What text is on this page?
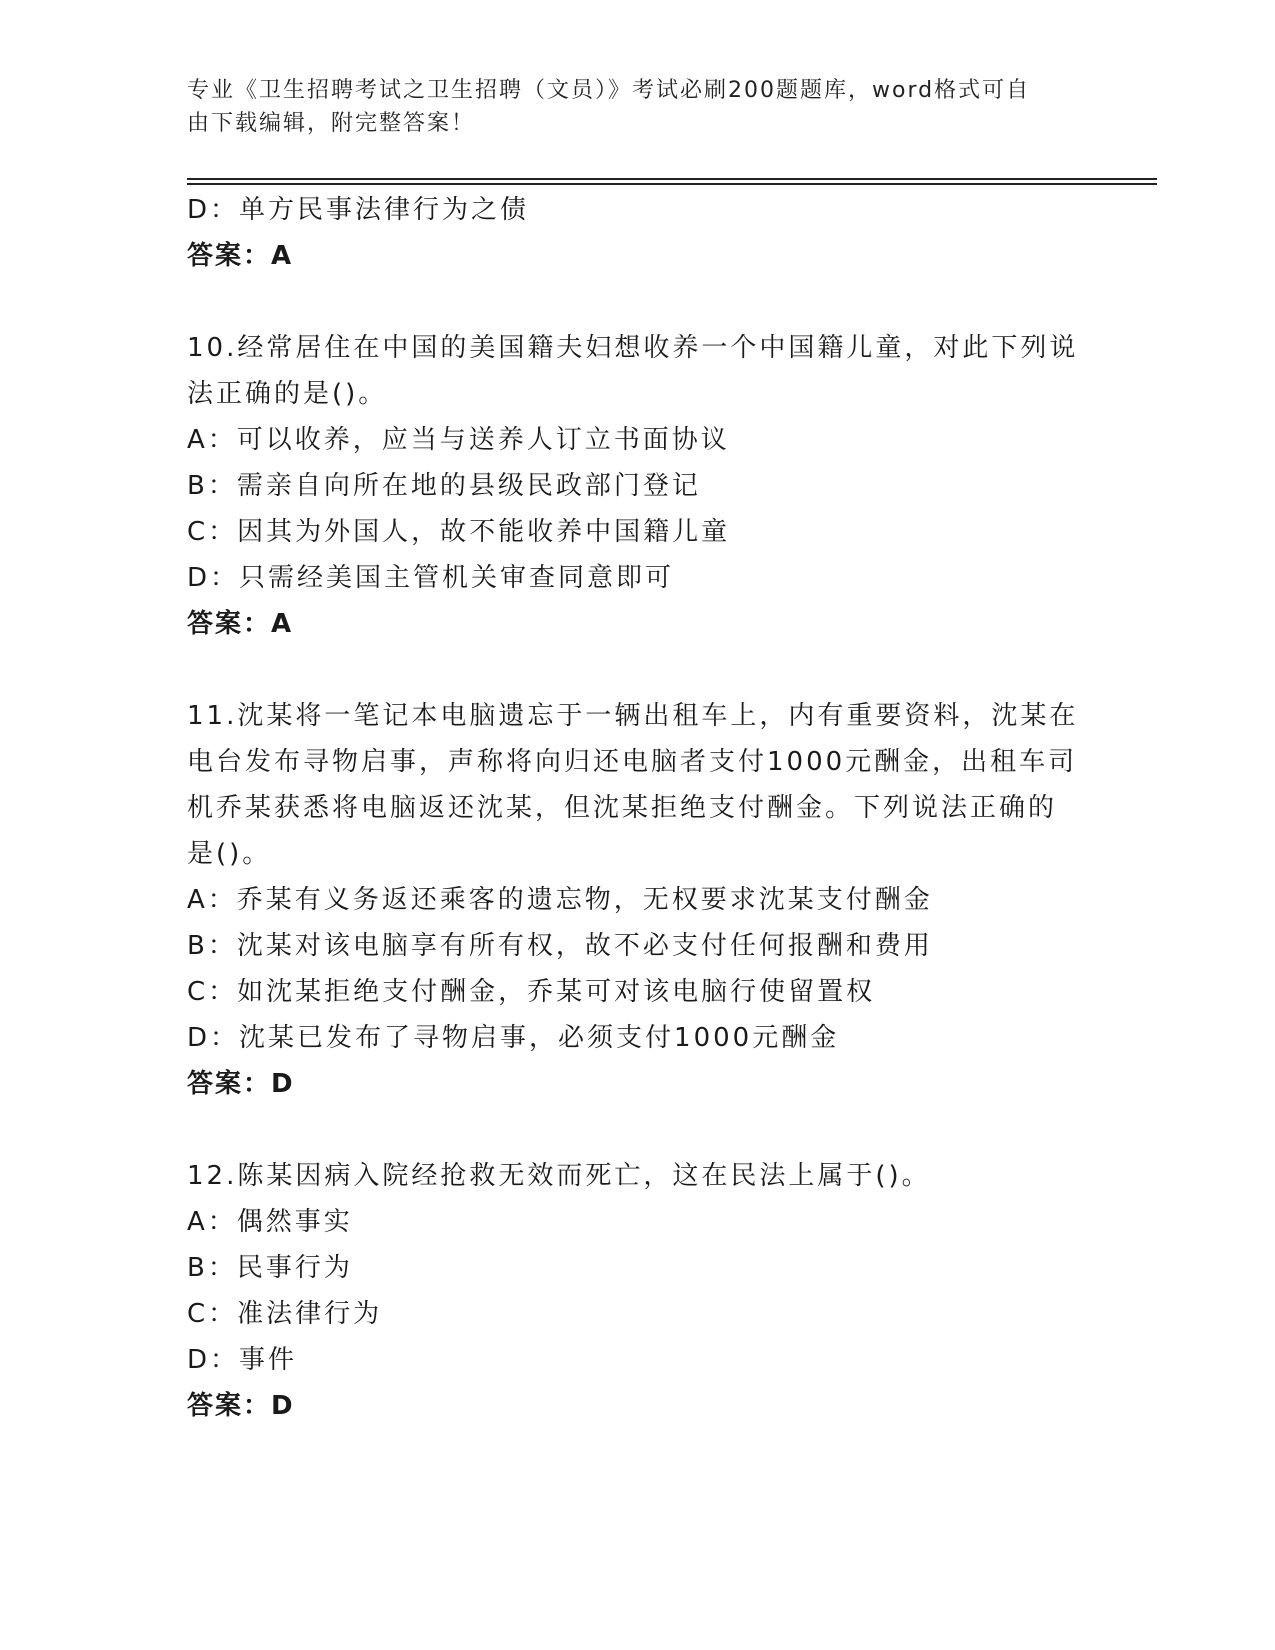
专业《卫生招聘考试之卫生招聘（文员）》考试必刷200题题库，word格式可自
由下载编辑，附完整答案！
D：单方民事法律行为之债
答案：A
10.经常居住在中国的美国籍夫妇想收养一个中国籍儿童，对此下列说
法正确的是()。
A：可以收养，应当与送养人订立书面协议
B：需亲自向所在地的县级民政部门登记
C：因其为外国人，故不能收养中国籍儿童
D：只需经美国主管机关审查同意即可
答案：A
11.沈某将一笔记本电脑遗忘于一辆出租车上，内有重要资料，沈某在
电台发布寻物启事，声称将向归还电脑者支付1000元酬金，出租车司
机乔某获悉将电脑返还沈某，但沈某拒绝支付酬金。下列说法正确的
是()。
A：乔某有义务返还乘客的遗忘物，无权要求沈某支付酬金
B：沈某对该电脑享有所有权，故不必支付任何报酬和费用
C：如沈某拒绝支付酬金，乔某可对该电脑行使留置权
D：沈某已发布了寻物启事，必须支付1000元酬金
答案：D
12.陈某因病入院经抢救无效而死亡，这在民法上属于()。
A：偶然事实
B：民事行为
C：准法律行为
D：事件
答案：D
